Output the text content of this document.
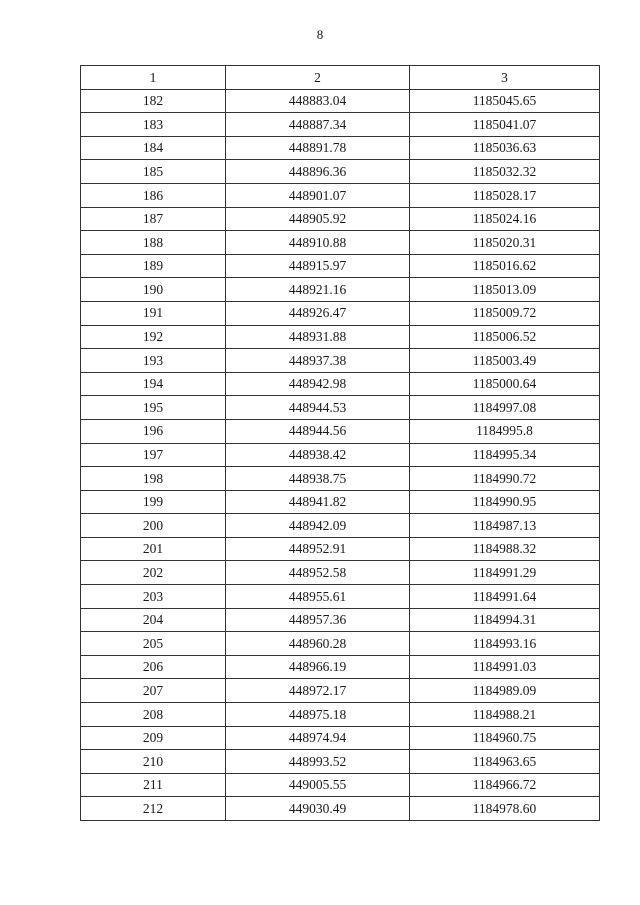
8
1	2	3
182	448883.04	1185045.65
183	448887.34	1185041.07
184	448891.78	1185036.63
185	448896.36	1185032.32
186	448901.07	1185028.17
187	448905.92	1185024.16
188	448910.88	1185020.31
189	448915.97	1185016.62
190	448921.16	1185013.09
191	448926.47	1185009.72
192	448931.88	1185006.52
193	448937.38	1185003.49
194	448942.98	1185000.64
195	448944.53	1184997.08
196	448944.56	1184995.8
197	448938.42	1184995.34
198	448938.75	1184990.72
199	448941.82	1184990.95
200	448942.09	1184987.13
201	448952.91	1184988.32
202	448952.58	1184991.29
203	448955.61	1184991.64
204	448957.36	1184994.31
205	448960.28	1184993.16
206	448966.19	1184991.03
207	448972.17	1184989.09
208	448975.18	1184988.21
209	448974.94	1184960.75
210	448993.52	1184963.65
211	449005.55	1184966.72
212	449030.49	1184978.60
